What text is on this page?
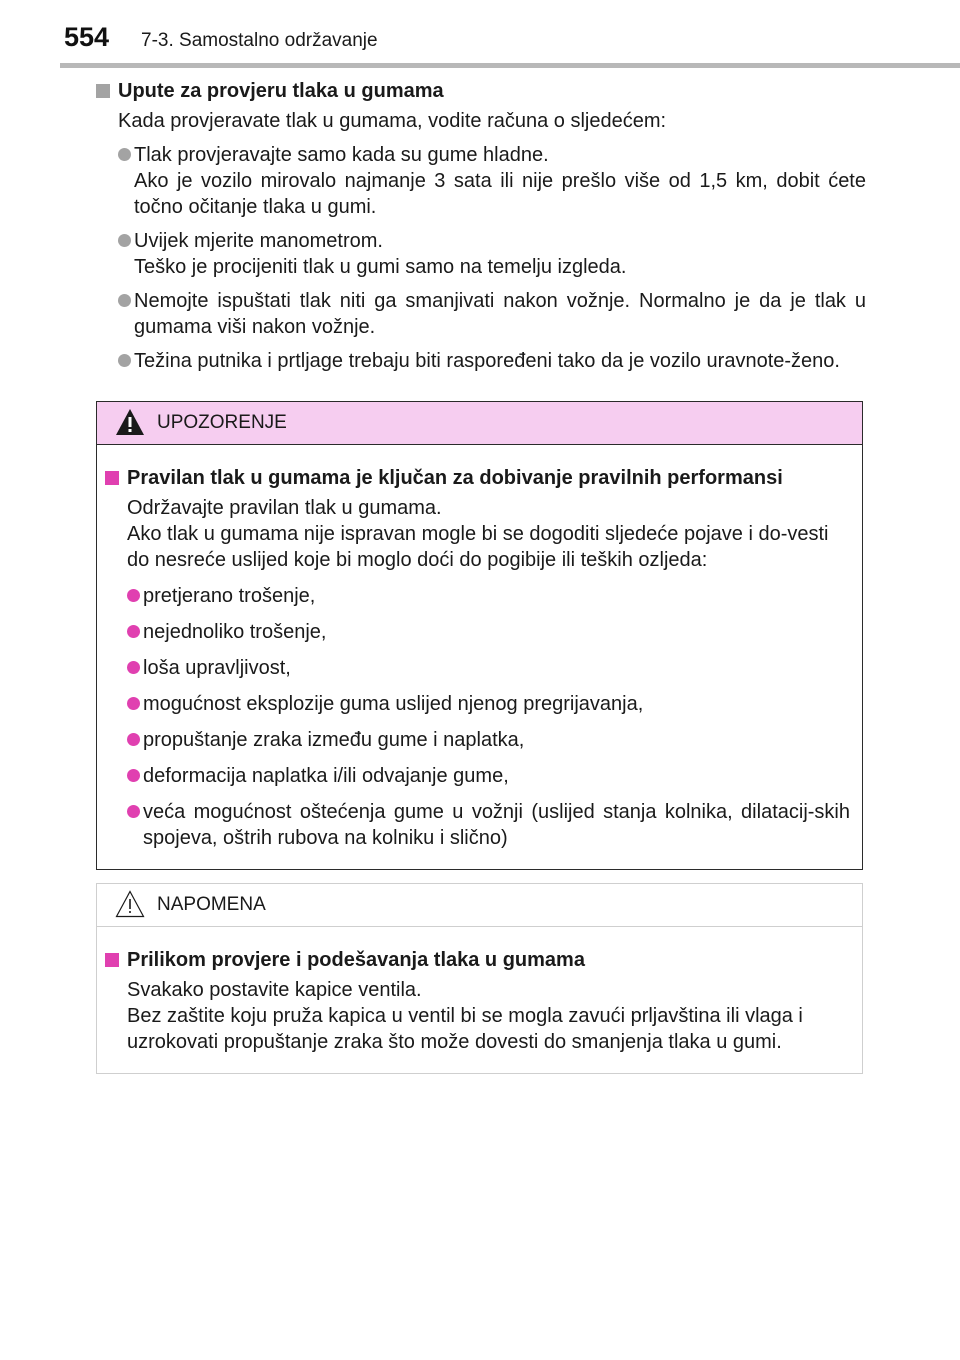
554 7-3. Samostalno održavanje
Upute za provjeru tlaka u gumama
Kada provjeravate tlak u gumama, vodite računa o sljedećem:
Tlak provjeravajte samo kada su gume hladne.
Ako je vozilo mirovalo najmanje 3 sata ili nije prešlo više od 1,5 km, dobit ćete točno očitanje tlaka u gumi.
Uvijek mjerite manometrom.
Teško je procijeniti tlak u gumi samo na temelju izgleda.
Nemojte ispuštati tlak niti ga smanjivati nakon vožnje. Normalno je da je tlak u gumama viši nakon vožnje.
Težina putnika i prtljage trebaju biti raspoređeni tako da je vozilo uravnote-ženo.
UPOZORENJE
Pravilan tlak u gumama je ključan za dobivanje pravilnih performansi
Održavajte pravilan tlak u gumama.
Ako tlak u gumama nije ispravan mogle bi se dogoditi sljedeće pojave i do-vesti do nesreće uslijed koje bi moglo doći do pogibije ili teških ozljeda:
pretjerano trošenje,
nejednoliko trošenje,
loša upravljivost,
mogućnost eksplozije guma uslijed njenog pregrijavanja,
propuštanje zraka između gume i naplatka,
deformacija naplatka i/ili odvajanje gume,
veća mogućnost oštećenja gume u vožnji (uslijed stanja kolnika, dilatacij-skih spojeva, oštrih rubova na kolniku i slično)
NAPOMENA
Prilikom provjere i podešavanja tlaka u gumama
Svakako postavite kapice ventila.
Bez zaštite koju pruža kapica u ventil bi se mogla zavući prljavština ili vlaga i uzrokovati propuštanje zraka što može dovesti do smanjenja tlaka u gumi.
